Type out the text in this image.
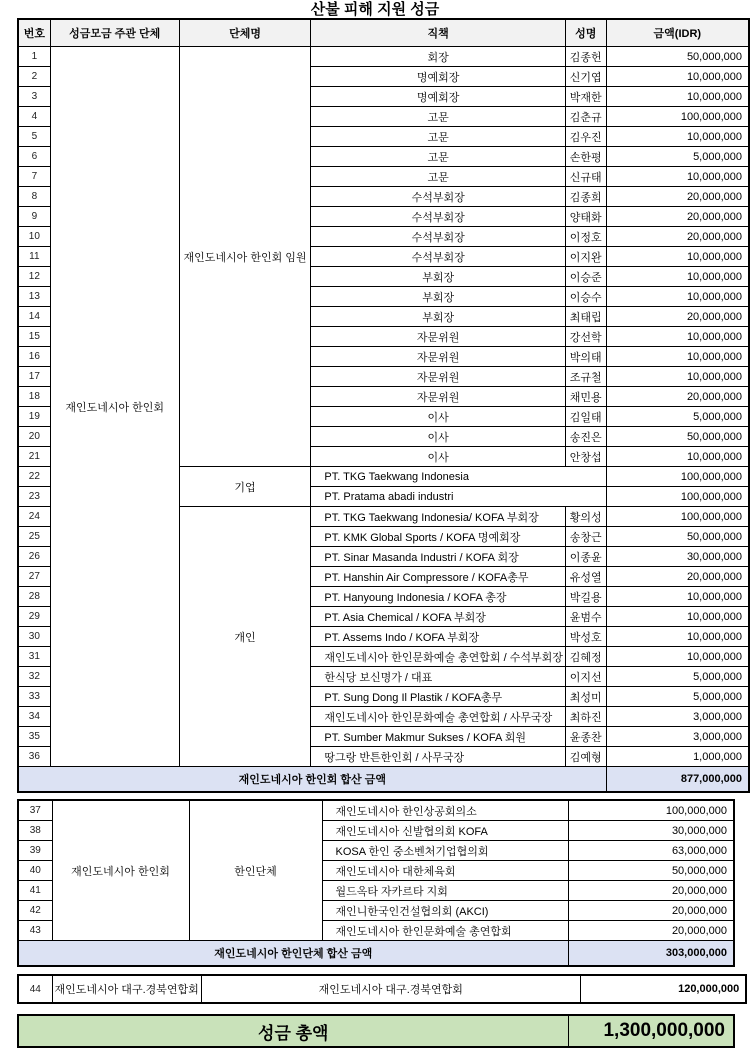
산불 피해 지원 성금
번호	성금모금 주관 단체	단체명	직책	성명	금액(IDR)
1	재인도네시아 한인회	재인도네시아 한인회 임원	회장	김종헌	50,000,000
2			명예회장	신기엽	10,000,000
3			명예회장	박재한	10,000,000
4			고문	김춘규	100,000,000
5			고문	김우진	10,000,000
6			고문	손한평	5,000,000
7			고문	신규태	10,000,000
8			수석부회장	김종희	20,000,000
9			수석부회장	양태화	20,000,000
10			수석부회장	이정호	20,000,000
11			수석부회장	이지완	10,000,000
12			부회장	이승준	10,000,000
13			부회장	이승수	10,000,000
14			부회장	최태립	20,000,000
15			자문위원	강선학	10,000,000
16			자문위원	박의태	10,000,000
17			자문위원	조규철	10,000,000
18			자문위원	채민용	20,000,000
19			이사	김일태	5,000,000
20			이사	송진은	50,000,000
21			이사	안창섭	10,000,000
22		기업	PT. TKG Taekwang Indonesia		100,000,000
23			PT. Pratama abadi industri		100,000,000
24		개인	PT. TKG Taekwang Indonesia/ KOFA 부회장	황의성	100,000,000
25			PT. KMK Global Sports / KOFA 명예회장	송창근	50,000,000
26			PT. Sinar Masanda Industri / KOFA 회장	이종윤	30,000,000
27			PT. Hanshin Air Compressore / KOFA총무	유성열	20,000,000
28			PT. Hanyoung Indonesia / KOFA 총장	박길용	10,000,000
29			PT. Asia Chemical / KOFA 부회장	윤범수	10,000,000
30			PT. Assems Indo / KOFA 부회장	박성호	10,000,000
31			재인도네시아 한인문화예술 총연합회 / 수석부회장	김혜정	10,000,000
32			한식당 보신명가 / 대표	이지선	5,000,000
33			PT. Sung Dong Il Plastik / KOFA총무	최성미	5,000,000
34			재인도네시아 한인문화예술 총연합회 / 사무국장	최하진	3,000,000
35			PT. Sumber Makmur Sukses / KOFA 회원	윤종찬	3,000,000
36			땅그랑 반튼한인회 / 사무국장	김예형	1,000,000
재인도네시아 한인회 합산 금액					877,000,000
37	재인도네시아 한인회	한인단체	재인도네시아 한인상공회의소	100,000,000
38			재인도네시아 신발협의회 KOFA	30,000,000
39			KOSA 한인 중소벤처기업협의회	63,000,000
40			재인도네시아 대한체육회	50,000,000
41			월드옥타 자카르타 지회	20,000,000
42			재인니한국인건설협의회 (AKCI)	20,000,000
43			재인도네시아 한인문화예술 총연합회	20,000,000
재인도네시아 한인단체 합산 금액				303,000,000
44	재인도네시아 대구.경북연합회	재인도네시아 대구.경북연합회	120,000,000
성금 총액	1,300,000,000
